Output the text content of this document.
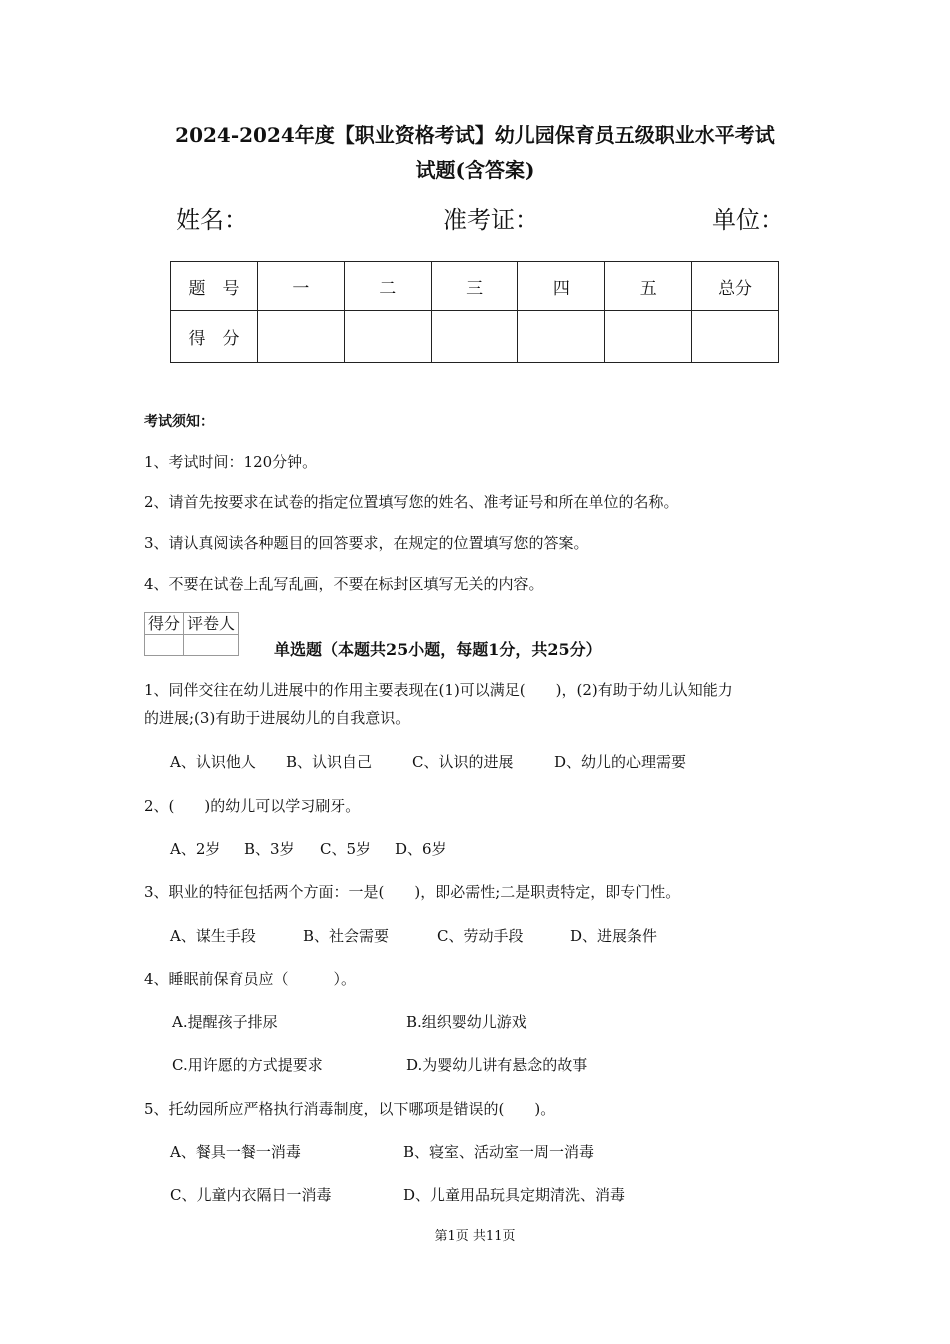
2024-2024年度【职业资格考试】幼儿园保育员五级职业水平考试
试题(含答案)
姓名：	准考证：	单位：
题　号	一	二	三	四	五	总分
得　分						
考试须知：
1、考试时间：120分钟。
2、请首先按要求在试卷的指定位置填写您的姓名、准考证号和所在单位的名称。
3、请认真阅读各种题目的回答要求，在规定的位置填写您的答案。
4、不要在试卷上乱写乱画，不要在标封区填写无关的内容。
得分	评卷人

单选题（本题共25小题，每题1分，共25分）
1、同伴交往在幼儿进展中的作用主要表现在(1)可以满足(　　)，(2)有助于幼儿认知能力
的进展;(3)有助于进展幼儿的自我意识。
A、认识他人 B、认识自己	C、认识的进展	D、幼儿的心理需要
2、(　　)的幼儿可以学习刷牙。
A、2岁 B、3岁 C、5岁 D、6岁
3、职业的特征包括两个方面：一是(　　)，即必需性;二是职责特定，即专门性。
A、谋生手段	B、社会需要	C、劳动手段	D、进展条件
4、睡眠前保育员应（　　　）。
A.提醒孩子排尿	B.组织婴幼儿游戏
C.用许愿的方式提要求	D.为婴幼儿讲有悬念的故事
5、托幼园所应严格执行消毒制度，以下哪项是错误的(　　)。
A、餐具一餐一消毒	B、寝室、活动室一周一消毒
C、儿童内衣隔日一消毒	D、儿童用品玩具定期清洗、消毒
第1页 共11页
